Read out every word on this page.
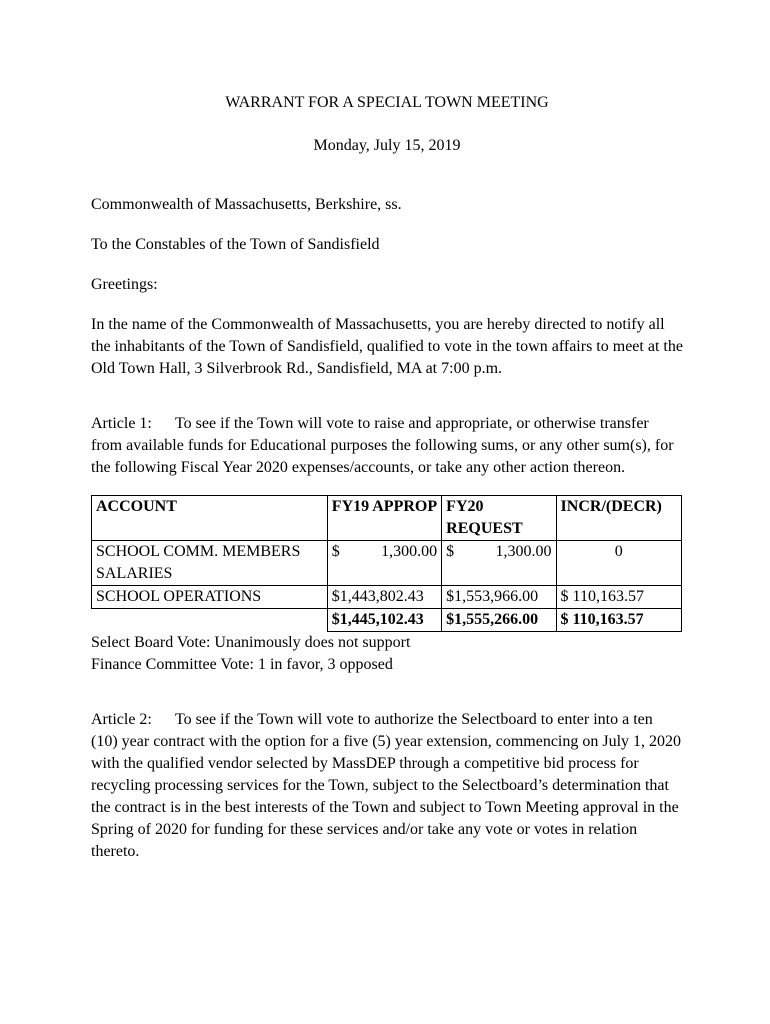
WARRANT FOR A SPECIAL TOWN MEETING

Monday, July 15, 2019

Commonwealth of Massachusetts, Berkshire, ss.

To the Constables of the Town of Sandisfield

Greetings:

In the name of the Commonwealth of Massachusetts, you are hereby directed to notify all the inhabitants of the Town of Sandisfield, qualified to vote in the town affairs to meet at the Old Town Hall, 3 Silverbrook Rd., Sandisfield, MA at 7:00 p.m.

Article 1: To see if the Town will vote to raise and appropriate, or otherwise transfer from available funds for Educational purposes the following sums, or any other sum(s), for the following Fiscal Year 2020 expenses/accounts, or take any other action thereon.

ACCOUNT	FY19 APPROP	FY20 REQUEST	INCR/(DECR)
SCHOOL COMM. MEMBERS SALARIES	$ 1,300.00	$ 1,300.00	0
SCHOOL OPERATIONS	$1,443,802.43	$1,553,966.00	$ 110,163.57
	$1,445,102.43	$1,555,266.00	$ 110,163.57

Select Board Vote: Unanimously does not support

Finance Committee Vote: 1 in favor, 3 opposed

Article 2: To see if the Town will vote to authorize the Selectboard to enter into a ten (10) year contract with the option for a five (5) year extension, commencing on July 1, 2020 with the qualified vendor selected by MassDEP through a competitive bid process for recycling processing services for the Town, subject to the Selectboard’s determination that the contract is in the best interests of the Town and subject to Town Meeting approval in the Spring of 2020 for funding for these services and/or take any vote or votes in relation thereto.
